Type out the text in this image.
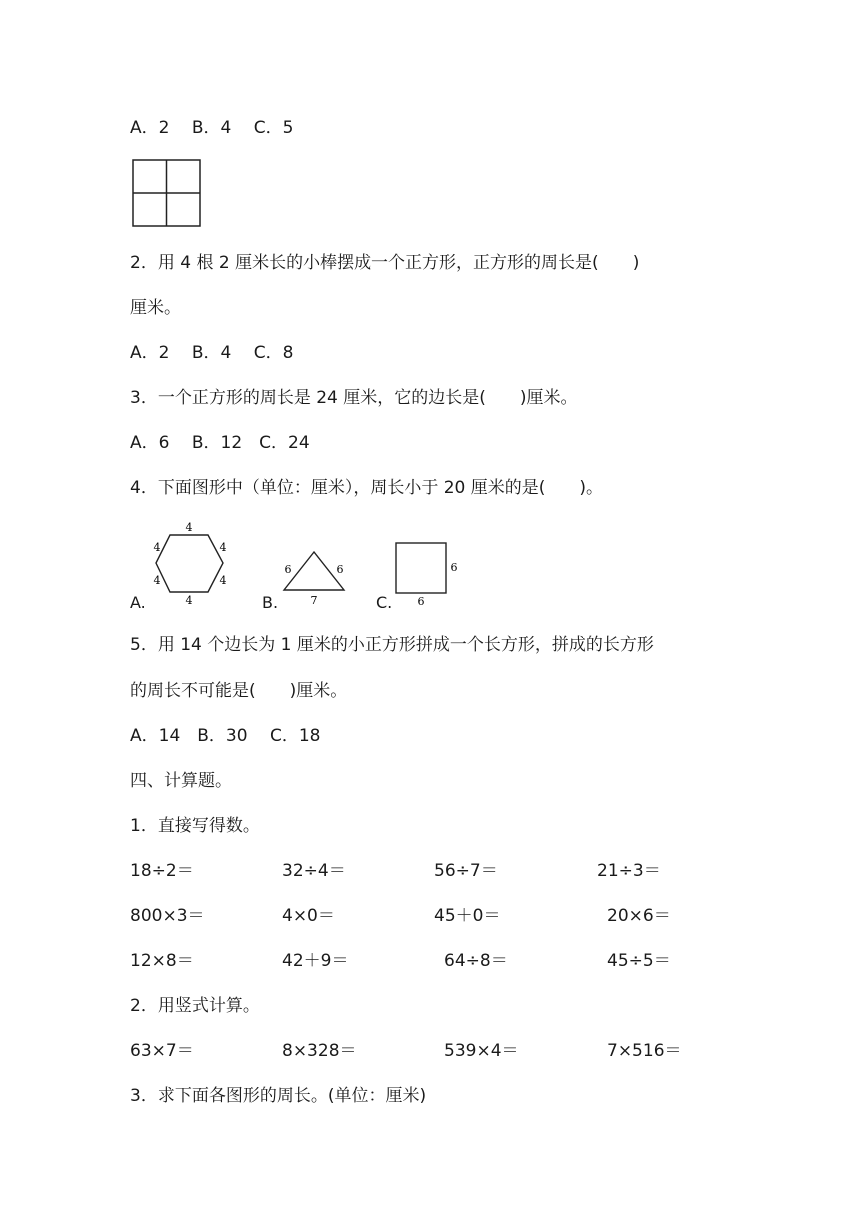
A．2　 B．4　 C．5
2．用 4 根 2 厘米长的小棒摆成一个正方形，正方形的周长是(　　)
厘米。
A．2　 B．4　 C．8
3．一个正方形的周长是 24 厘米，它的边长是(　　)厘米。
A．6　 B．12　C．24
4．下面图形中（单位：厘米），周长小于 20 厘米的是(　　)。
A.
4
4	4
4	4
4	B.
6	6
7	C.
6
6
5．用 14 个边长为 1 厘米的小正方形拼成一个长方形，拼成的长方形
的周长不可能是(　　)厘米。
A．14　B．30　 C．18
四、计算题。
1．直接写得数。
18÷2＝	32÷4＝	56÷7＝	21÷3＝
800×3＝	4×0＝	45＋0＝	20×6＝
12×8＝	42＋9＝	64÷8＝	45÷5＝
2．用竖式计算。
63×7＝	8×328＝	539×4＝	7×516＝
3．求下面各图形的周长。(单位：厘米)
